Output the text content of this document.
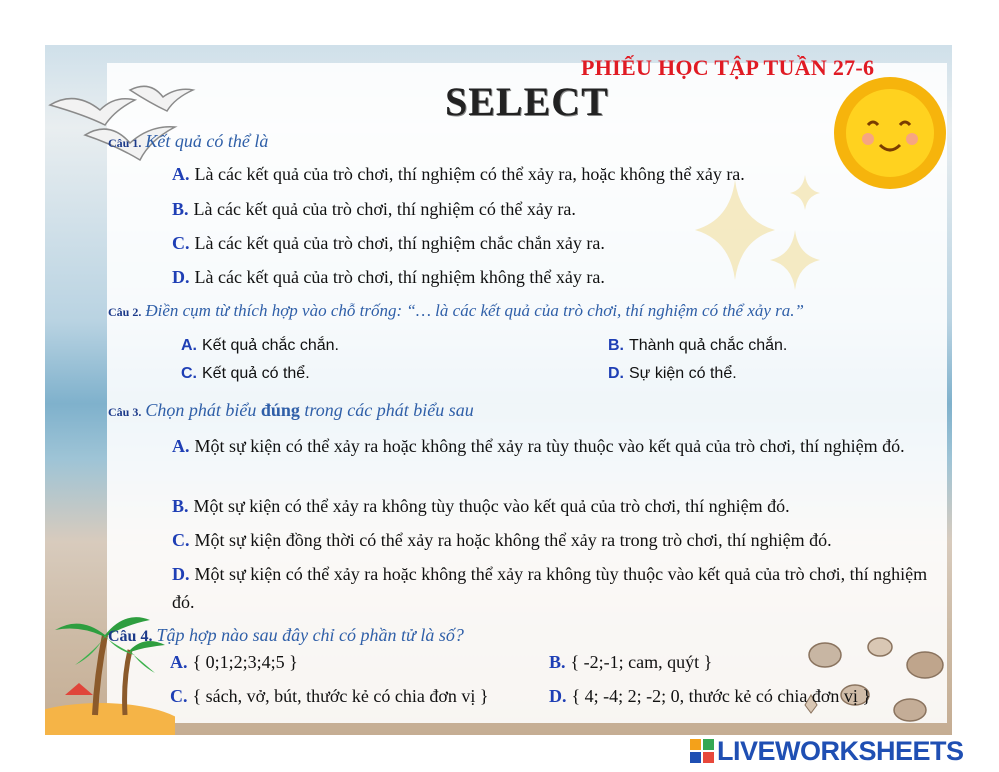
PHIẾU HỌC TẬP TUẦN 27-6
SELECT
Câu 1. Kết quả có thể là
A. Là các kết quả của trò chơi, thí nghiệm có thể xảy ra, hoặc không thể xảy ra.
B. Là các kết quả của trò chơi, thí nghiệm có thể xảy ra.
C. Là các kết quả của trò chơi, thí nghiệm chắc chắn xảy ra.
D. Là các kết quả của trò chơi, thí nghiệm không thể xảy ra.
Câu 2. Điền cụm từ thích hợp vào chỗ trống: “… là các kết quả của trò chơi, thí nghiệm có thể xảy ra.”
A. Kết quả chắc chắn.	B. Thành quả chắc chắn.
C. Kết quả có thể.	D. Sự kiện có thể.
Câu 3. Chọn phát biểu đúng trong các phát biểu sau
A. Một sự kiện có thể xảy ra hoặc không thể xảy ra tùy thuộc vào kết quả của trò chơi, thí nghiệm đó.
B. Một sự kiện có thể xảy ra không tùy thuộc vào kết quả của trò chơi, thí nghiệm đó.
C. Một sự kiện đồng thời có thể xảy ra hoặc không thể xảy ra trong trò chơi, thí nghiệm đó.
D. Một sự kiện có thể xảy ra hoặc không thể xảy ra không tùy thuộc vào kết quả của trò chơi, thí nghiệm đó.
Câu 4. Tập hợp nào sau đây chỉ có phần tử là số?
A. { 0;1;2;3;4;5 }	B. { -2;-1; cam, quýt }
C. { sách, vở, bút, thước kẻ có chia đơn vị }	D. { 4; -4; 2; -2; 0, thước kẻ có chia đơn vị }
LIVEWORKSHEETS
